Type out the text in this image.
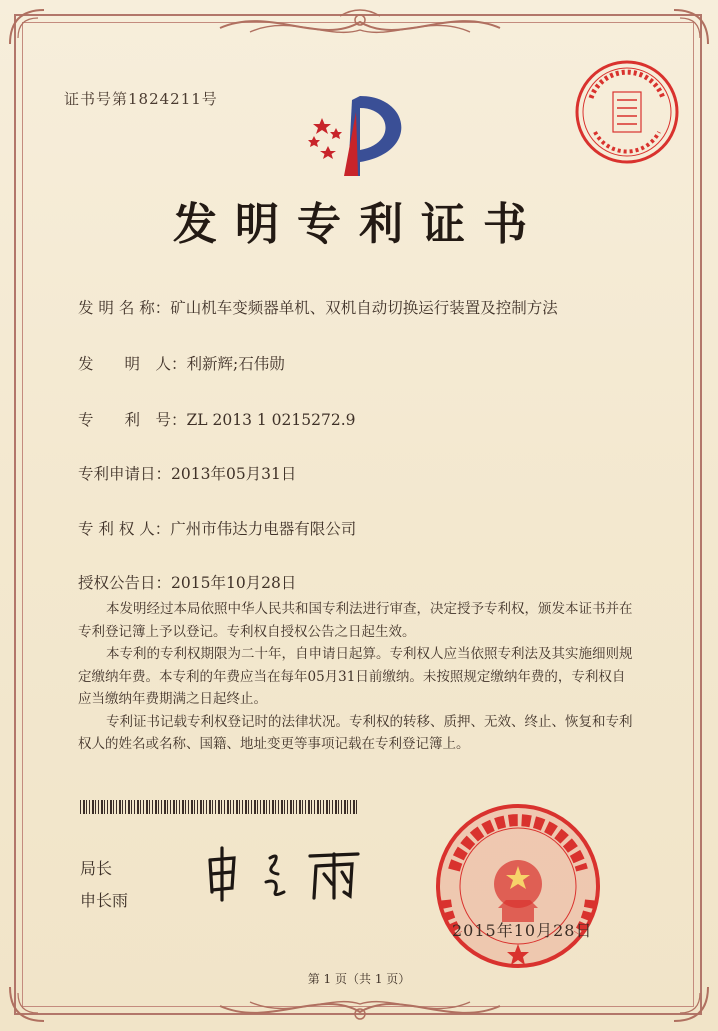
证书号第1824211号
发明专利证书
发 明 名 称：矿山机车变频器单机、双机自动切换运行装置及控制方法
发　　明　人：利新辉;石伟勋
专　　利　号：ZL 2013 1 0215272.9
专利申请日：2013年05月31日
专 利 权 人：广州市伟达力电器有限公司
授权公告日：2015年10月28日

本发明经过本局依照中华人民共和国专利法进行审查，决定授予专利权，颁发本证书并在专利登记簿上予以登记。专利权自授权公告之日起生效。

本专利的专利权期限为二十年，自申请日起算。专利权人应当依照专利法及其实施细则规定缴纳年费。本专利的年费应当在每年05月31日前缴纳。未按照规定缴纳年费的，专利权自应当缴纳年费期满之日起终止。

专利证书记载专利权登记时的法律状况。专利权的转移、质押、无效、终止、恢复和专利权人的姓名或名称、国籍、地址变更等事项记载在专利登记簿上。

局长
申长雨
2015年10月28日
第 1 页（共 1 页）
